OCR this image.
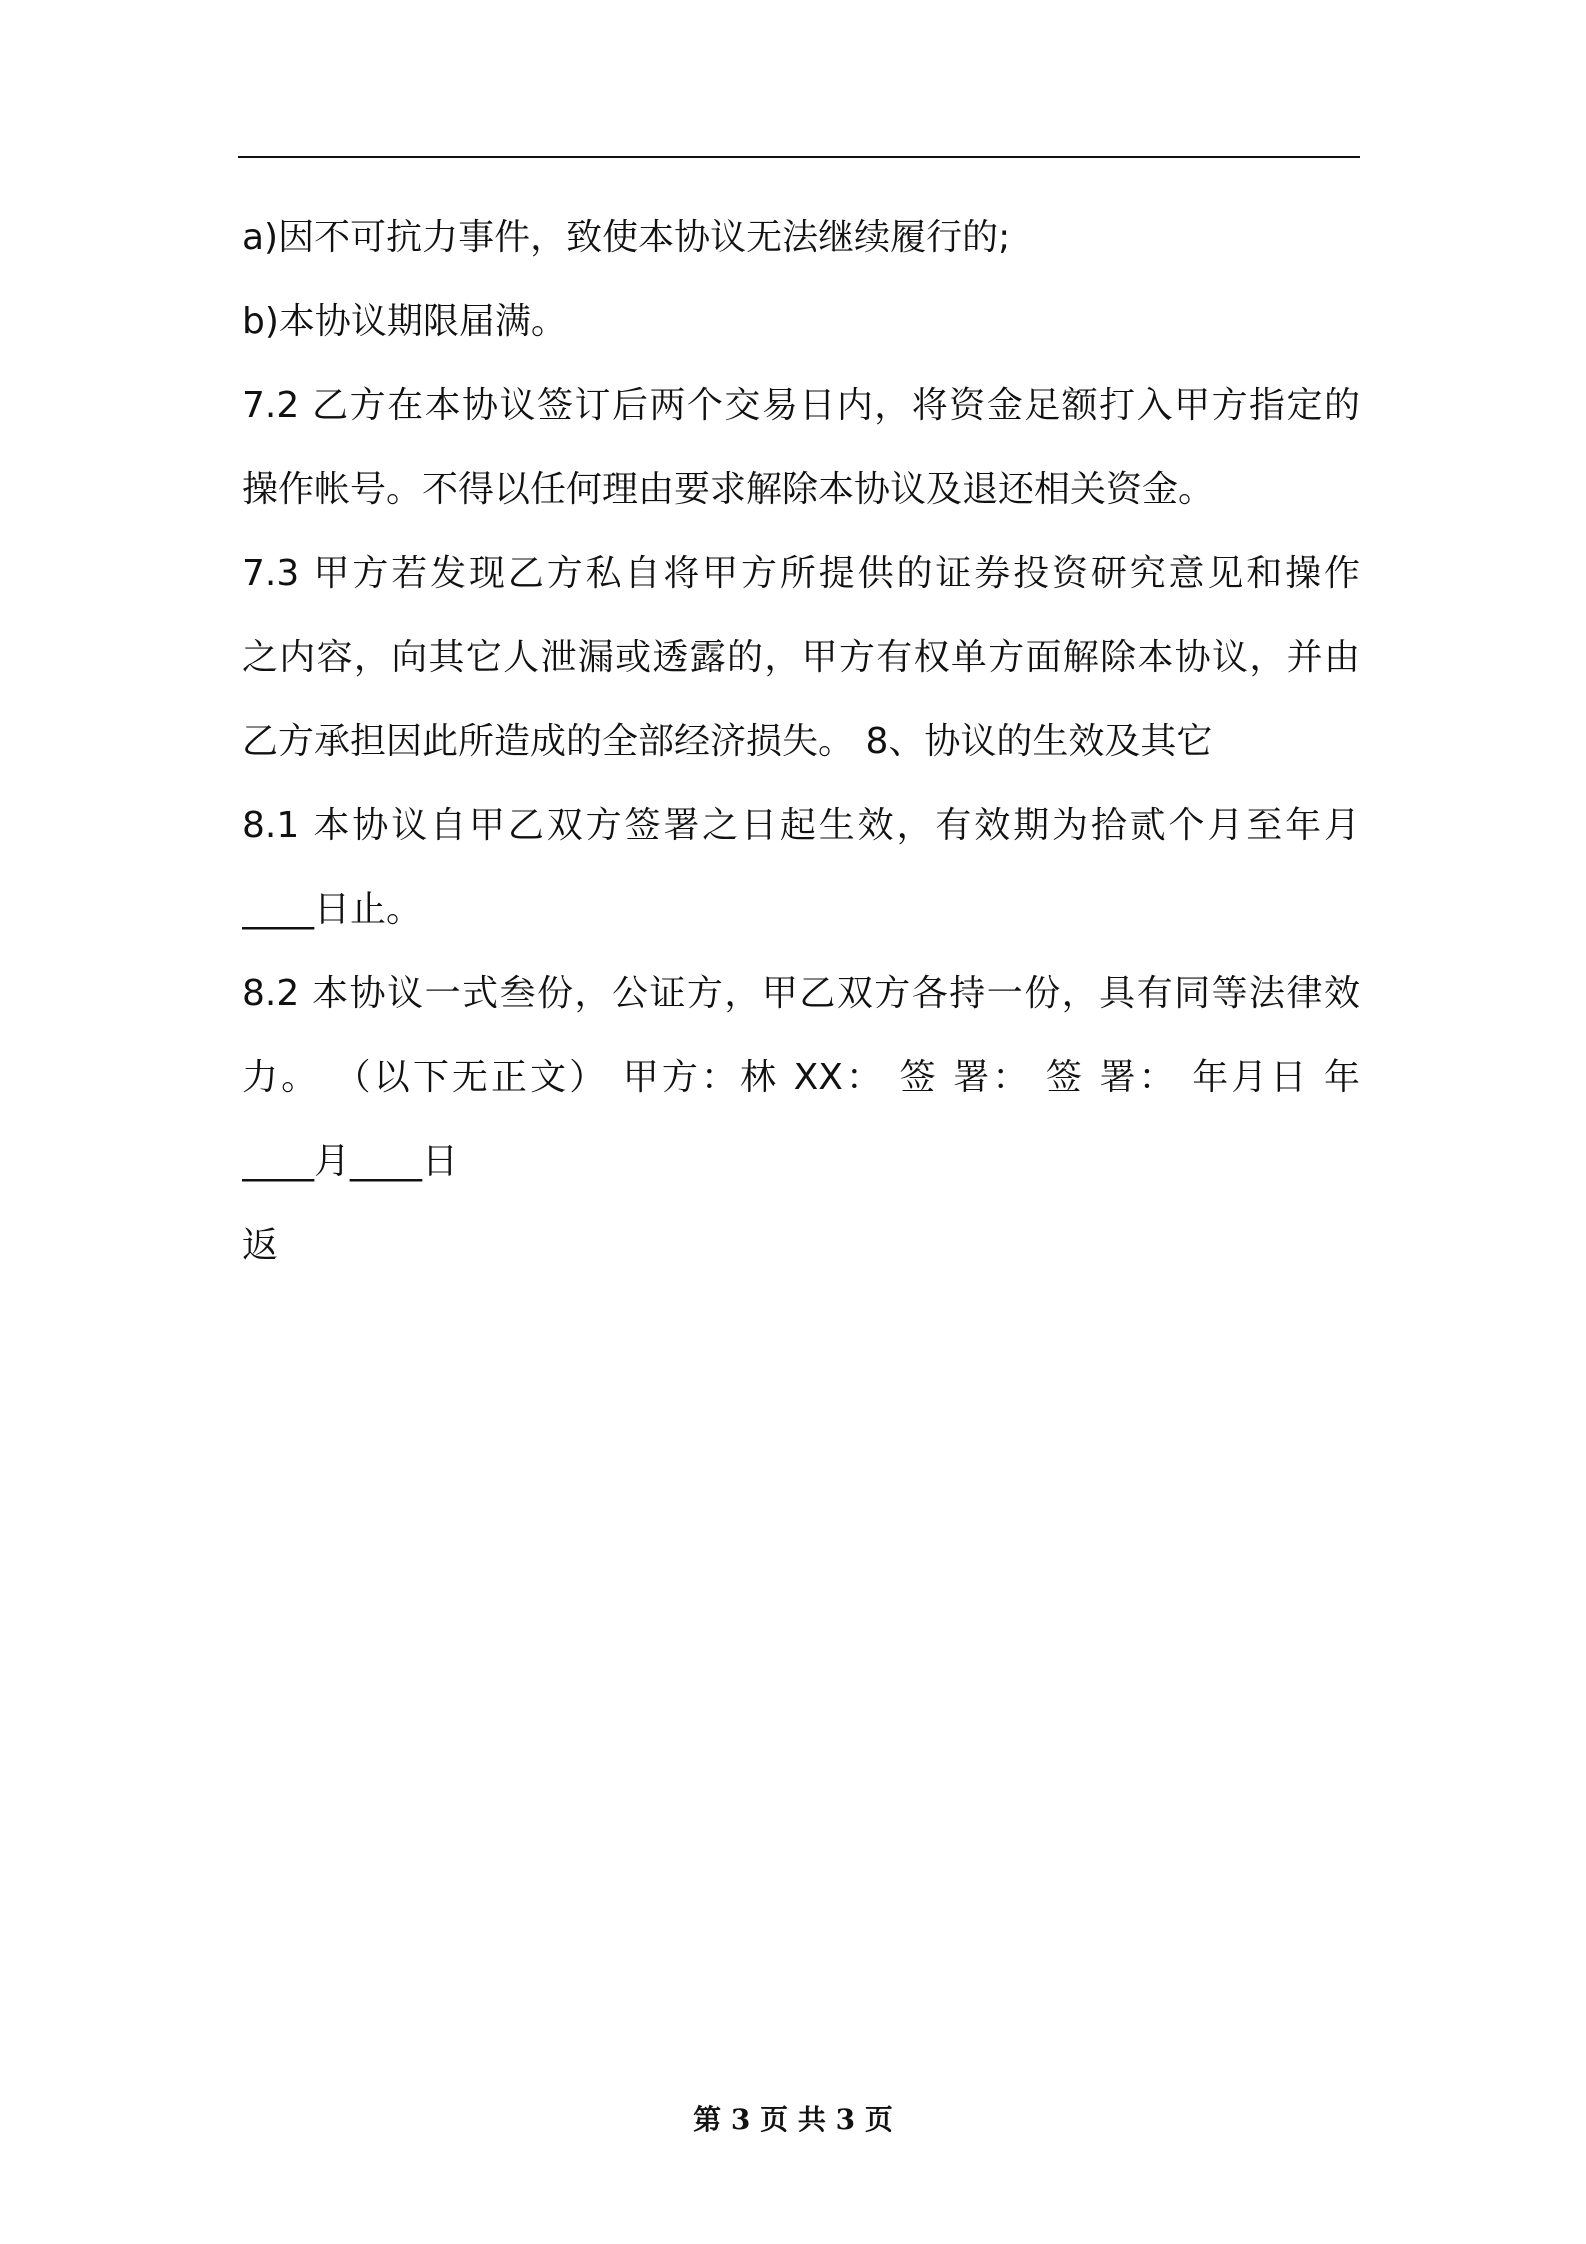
a)因不可抗力事件，致使本协议无法继续履行的;
b)本协议期限届满。
7.2 乙方在本协议签订后两个交易日内，将资金足额打入甲方指定的
操作帐号。不得以任何理由要求解除本协议及退还相关资金。
7.3 甲方若发现乙方私自将甲方所提供的证券投资研究意见和操作
之内容，向其它人泄漏或透露的，甲方有权单方面解除本协议，并由
乙方承担因此所造成的全部经济损失。 8、协议的生效及其它
8.1 本协议自甲乙双方签署之日起生效，有效期为拾贰个月至年月
____日止。
8.2 本协议一式叁份，公证方，甲乙双方各持一份，具有同等法律效
力。 （以下无正文） 甲方：林 XX： 签 署： 签 署： 年月日 年
____月____日
返
第 3 页 共 3 页
